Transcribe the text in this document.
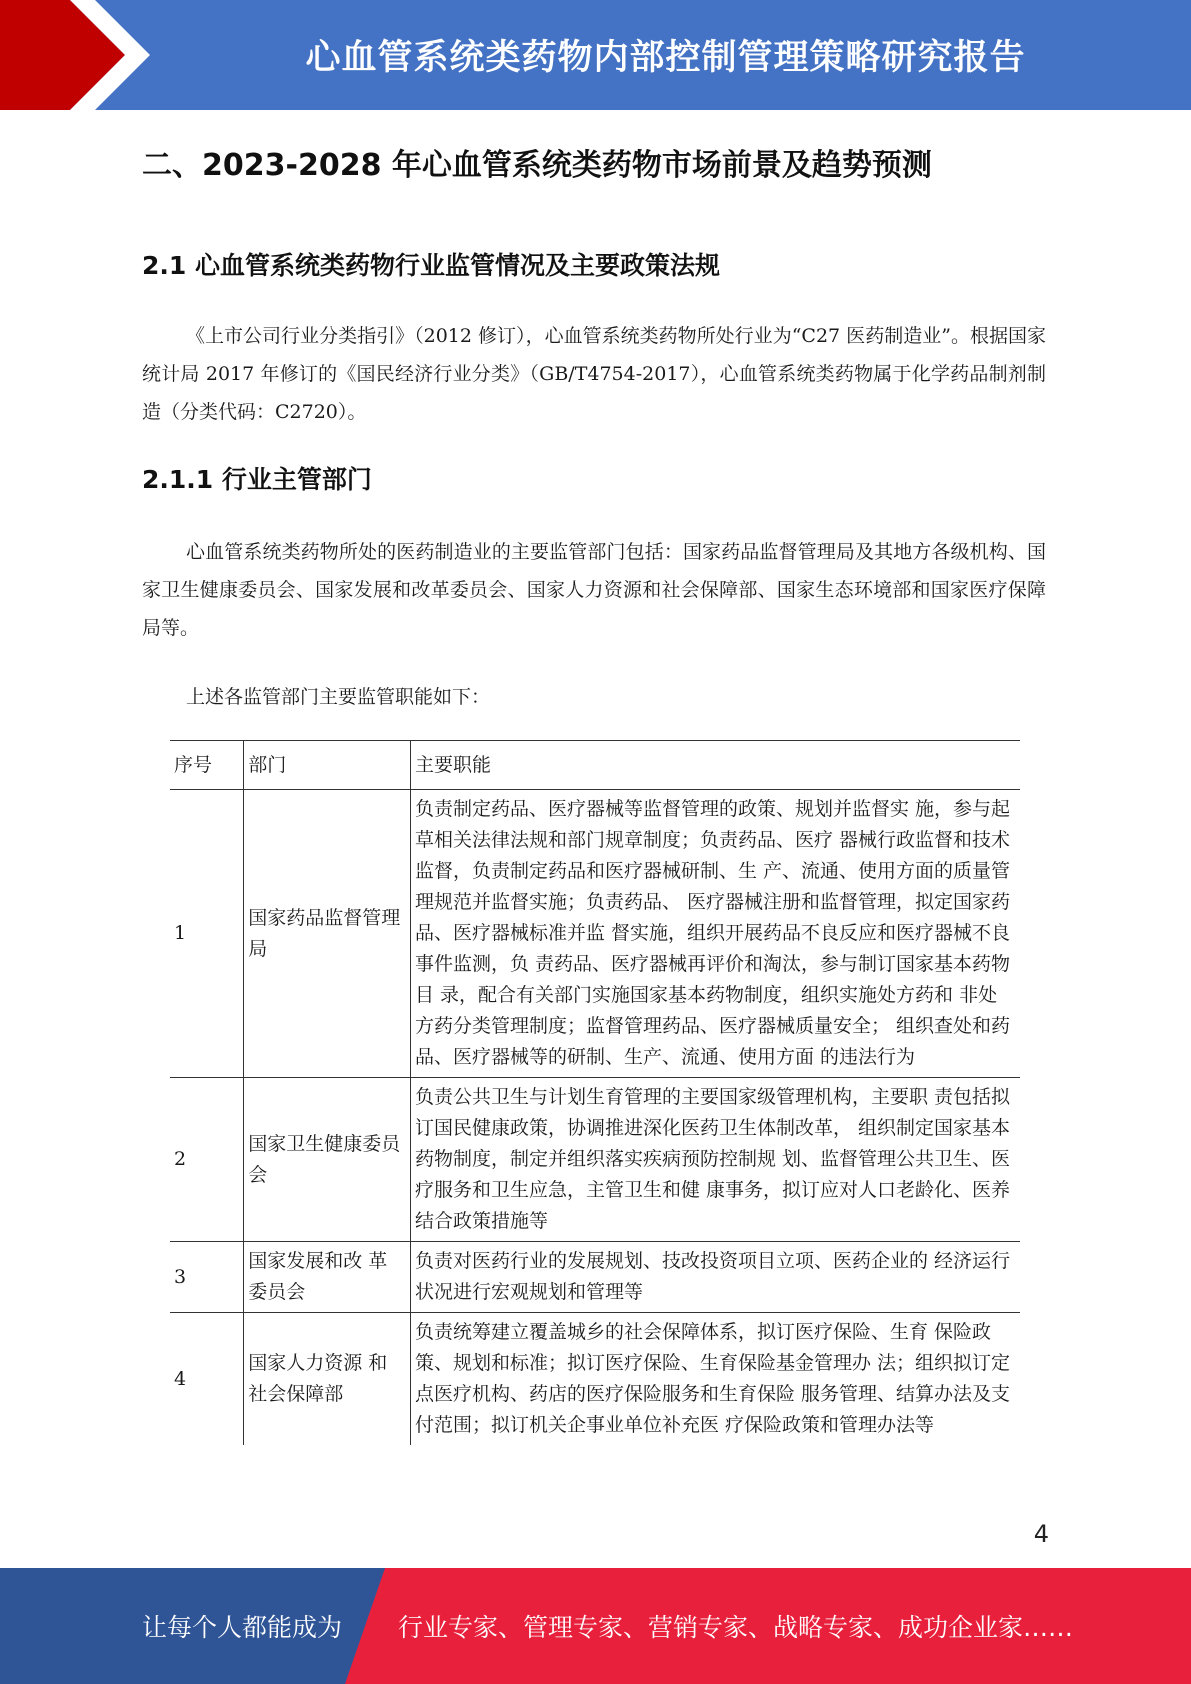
心血管系统类药物内部控制管理策略研究报告
二、2023-2028 年心血管系统类药物市场前景及趋势预测
2.1 心血管系统类药物行业监管情况及主要政策法规
《上市公司行业分类指引》（2012 修订），心血管系统类药物所处行业为“C27 医药制造业”。根据国家统计局 2017 年修订的《国民经济行业分类》（GB/T4754-2017），心血管系统类药物属于化学药品制剂制造（分类代码：C2720）。
2.1.1 行业主管部门
心血管系统类药物所处的医药制造业的主要监管部门包括：国家药品监督管理局及其地方各级机构、国家卫生健康委员会、国家发展和改革委员会、国家人力资源和社会保障部、国家生态环境部和国家医疗保障局等。
上述各监管部门主要监管职能如下：
序号	部门	主要职能
1	国家药品监督管理局	负责制定药品、医疗器械等监督管理的政策、规划并监督实 施，参与起草相关法律法规和部门规章制度；负责药品、医疗 器械行政监督和技术监督，负责制定药品和医疗器械研制、生 产、流通、使用方面的质量管理规范并监督实施；负责药品、 医疗器械注册和监督管理，拟定国家药品、医疗器械标准并监 督实施，组织开展药品不良反应和医疗器械不良事件监测，负 责药品、医疗器械再评价和淘汰，参与制订国家基本药物目 录，配合有关部门实施国家基本药物制度，组织实施处方药和 非处方药分类管理制度；监督管理药品、医疗器械质量安全； 组织查处和药品、医疗器械等的研制、生产、流通、使用方面 的违法行为
2	国家卫生健康委员会	负责公共卫生与计划生育管理的主要国家级管理机构，主要职 责包括拟订国民健康政策，协调推进深化医药卫生体制改革， 组织制定国家基本药物制度，制定并组织落实疾病预防控制规 划、监督管理公共卫生、医疗服务和卫生应急，主管卫生和健 康事务，拟订应对人口老龄化、医养结合政策措施等
3	国家发展和改 革委员会	负责对医药行业的发展规划、技改投资项目立项、医药企业的 经济运行状况进行宏观规划和管理等
4	国家人力资源 和社会保障部	负责统筹建立覆盖城乡的社会保障体系，拟订医疗保险、生育 保险政策、规划和标准；拟订医疗保险、生育保险基金管理办 法；组织拟订定点医疗机构、药店的医疗保险服务和生育保险 服务管理、结算办法及支付范围；拟订机关企事业单位补充医 疗保险政策和管理办法等
4
让每个人都能成为 行业专家、管理专家、营销专家、战略专家、成功企业家……
